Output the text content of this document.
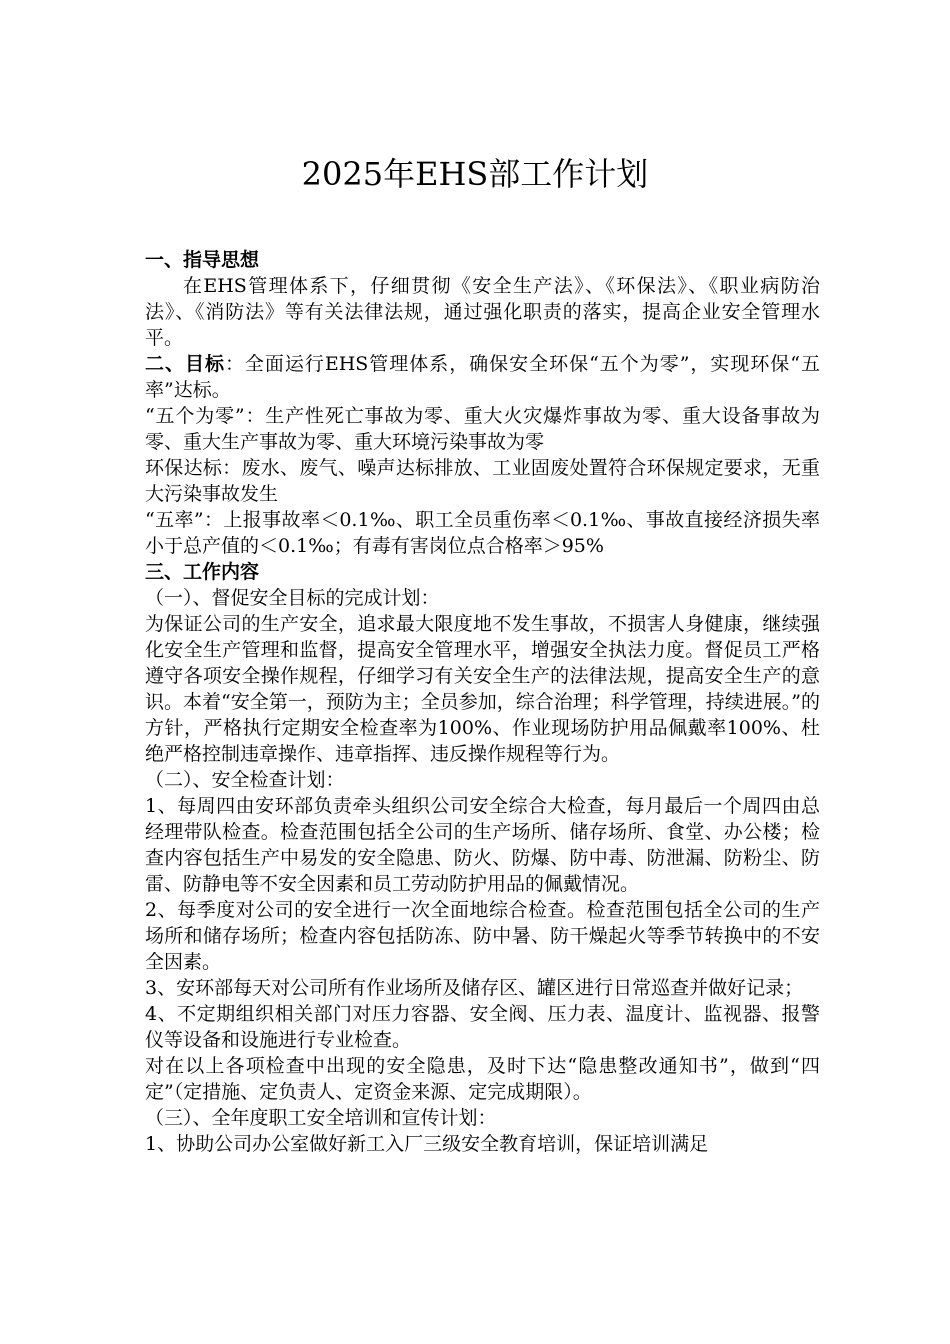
2025年EHS部工作计划

一、指导思想

在EHS管理体系下，仔细贯彻《安全生产法》、《环保法》、《职业病防治法》、《消防法》等有关法律法规，通过强化职责的落实，提高企业安全管理水平。

二、目标：全面运行EHS管理体系，确保安全环保“五个为零”，实现环保“五率”达标。

“五个为零”：生产性死亡事故为零、重大火灾爆炸事故为零、重大设备事故为零、重大生产事故为零、重大环境污染事故为零

环保达标：废水、废气、噪声达标排放、工业固废处置符合环保规定要求，无重大污染事故发生

“五率”：上报事故率＜0.1‰、职工全员重伤率＜0.1‰、事故直接经济损失率小于总产值的＜0.1‰；有毒有害岗位点合格率＞95%

三、工作内容

（一）、督促安全目标的完成计划：

为保证公司的生产安全，追求最大限度地不发生事故，不损害人身健康，继续强化安全生产管理和监督，提高安全管理水平，增强安全执法力度。督促员工严格遵守各项安全操作规程，仔细学习有关安全生产的法律法规，提高安全生产的意识。本着“安全第一，预防为主；全员参加，综合治理；科学管理，持续进展。”的方针，严格执行定期安全检查率为100%、作业现场防护用品佩戴率100%、杜绝严格控制违章操作、违章指挥、违反操作规程等行为。

（二）、安全检查计划：

1、每周四由安环部负责牵头组织公司安全综合大检查，每月最后一个周四由总经理带队检查。检查范围包括全公司的生产场所、储存场所、食堂、办公楼；检查内容包括生产中易发的安全隐患、防火、防爆、防中毒、防泄漏、防粉尘、防雷、防静电等不安全因素和员工劳动防护用品的佩戴情况。

2、每季度对公司的安全进行一次全面地综合检查。检查范围包括全公司的生产场所和储存场所；检查内容包括防冻、防中暑、防干燥起火等季节转换中的不安全因素。

3、安环部每天对公司所有作业场所及储存区、罐区进行日常巡查并做好记录；

4、不定期组织相关部门对压力容器、安全阀、压力表、温度计、监视器、报警仪等设备和设施进行专业检查。

对在以上各项检查中出现的安全隐患，及时下达“隐患整改通知书”，做到“四定”（定措施、定负责人、定资金来源、定完成期限）。

（三）、全年度职工安全培训和宣传计划：

1、协助公司办公室做好新工入厂三级安全教育培训，保证培训满足
